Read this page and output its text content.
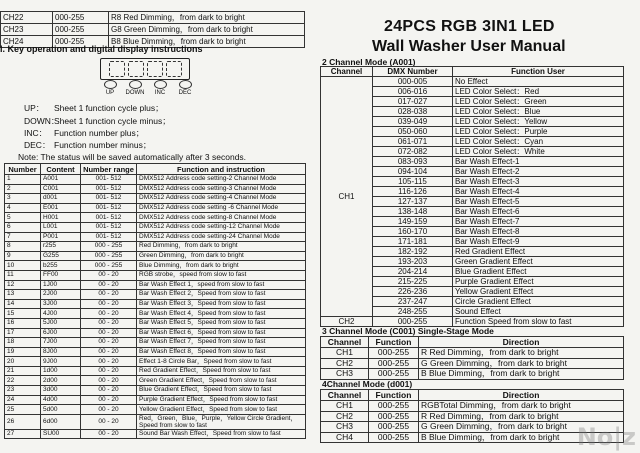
CH22	000-255	R8 Red Dimming，from dark to bright
CH23	000-255	G8 Green Dimming，from dark to bright
CH24	000-255	B8 Blue Dimming，from dark to bright
I. Key operation and digital display instructions
UP DOWN INC DEC
UP： Sheet 1 function cycle plus；
DOWN：Sheet 1 function cycle minus；
INC： Function number plus；
DEC： Function number minus；
Note: The status will be saved automatically after 3 seconds.
Number	Content	Number range	Function and instruction
1	A001	001- 512	DMX512 Address code setting-2 Channel Mode
2	C001	001- 512	DMX512 Address code setting-3 Channel Mode
3	d001	001- 512	DMX512 Address code setting-4 Channel Mode
4	E001	001- 512	DMX512 Address code setting -6 Channel Mode
5	H001	001- 512	DMX512 Address code setting-8 Channel Mode
6	L001	001- 512	DMX512 Address code setting-12 Channel Mode
7	P001	001- 512	DMX512 Address code setting-24 Channel Mode
8	r255	000 - 255	Red Dimming，from dark to bright
9	G255	000 - 255	Green Dimming，from dark to bright
10	b255	000 - 255	Blue Dimming，from dark to bright
11	FF00	00 - 20	RGB strobe，speed from slow to fast
12	1J00	00 - 20	Bar Wash Effect 1，speed from slow to fast
13	2J00	00 - 20	Bar Wash Effect 2，Speed from slow to fast
14	3J00	00 - 20	Bar Wash Effect 3，Speed from slow to fast
15	4J00	00 - 20	Bar Wash Effect 4，Speed from slow to fast
16	5J00	00 - 20	Bar Wash Effect 5，Speed from slow to fast
17	6J00	00 - 20	Bar Wash Effect 6，Speed from slow to fast
18	7J00	00 - 20	Bar Wash Effect 7，Speed from slow to fast
19	8J00	00 - 20	Bar Wash Effect 8，Speed from slow to fast
20	9J00	00 - 20	Effect 1-8 Circle Bar，Speed from slow to fast
21	1d00	00 - 20	Red Gradient Effect，Speed from slow to fast
22	2d00	00 - 20	Green Gradient Effect，Speed from slow to fast
23	3d00	00 - 20	Blue Gradient Effect，Speed from slow to fast
24	4d00	00 - 20	Purple Gradient Effect，Speed from slow to fast
25	5d00	00 - 20	Yellow Gradient Effect，Speed from slow to fast
26	6d00	00 - 20	Red，Green，Blue，Purple，Yellow Circle Gradient，Speed from slow to fast
27	SU00	00 - 20	Sound Bar Wash Effect，Speed from slow to fast
24PCS RGB 3IN1 LED
Wall Washer User Manual
2 Channel Mode (A001)
Channel	DMX Number	Function User
CH1	000-005	No Effect
	006-016	LED Color Select：Red
	017-027	LED Color Select：Green
	028-038	LED Color Select：Blue
	039-049	LED Color Select：Yellow
	050-060	LED Color Select：Purple
	061-071	LED Color Select：Cyan
	072-082	LED Color Select：White
	083-093	Bar Wash Effect-1
	094-104	Bar Wash Effect-2
	105-115	Bar Wash Effect-3
	116-126	Bar Wash Effect-4
	127-137	Bar Wash Effect-5
	138-148	Bar Wash Effect-6
	149-159	Bar Wash Effect-7
	160-170	Bar Wash Effect-8
	171-181	Bar Wash Effect-9
	182-192	Red Gradient Effect
	193-203	Green Gradient Effect
	204-214	Blue Gradient Effect
	215-225	Purple Gradient Effect
	226-236	Yellow Gradient Effect
	237-247	Circle Gradient Effect
	248-255	Sound Effect
CH2	000-255	Function Speed from slow to fast
3 Channel Mode (C001) Single-Stage Mode
Channel	Function	Direction
CH1	000-255	R Red Dimming，from dark to bright
CH2	000-255	G Green Dimming，from dark to bright
CH3	000-255	B Blue Dimming，from dark to bright
4Channel Mode (d001)
Channel	Function	Direction
CH1	000-255	RGBTotal Dimming，from dark to bright
CH2	000-255	R Red Dimming，from dark to bright
CH3	000-255	G Green Dimming，from dark to bright
CH4	000-255	B Blue Dimming，from dark to bright No|z
